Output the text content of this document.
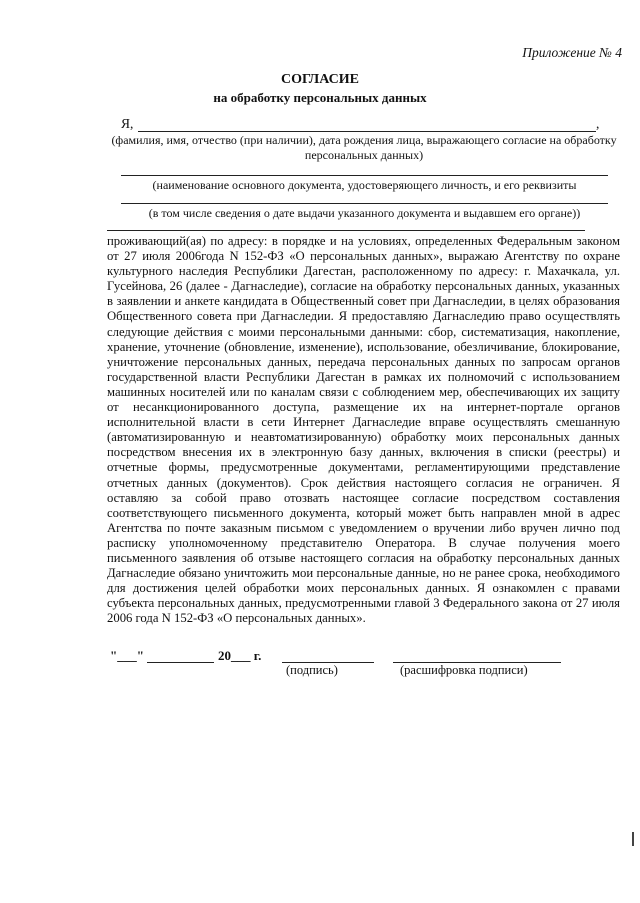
Приложение № 4
СОГЛАСИЕ
на обработку персональных данных
Я,	,
(фамилия, имя, отчество (при наличии), дата рождения лица, выражающего согласие на обработку персональных данных)
(наименование основного документа, удостоверяющего личность, и его реквизиты
(в том числе сведения о дате выдачи указанного документа и выдавшем его органе))
проживающий(ая) по адресу: в порядке и на условиях, определенных Федеральным законом от 27 июля 2006года N 152-ФЗ «О персональных данных», выражаю Агентству по охране культурного наследия Республики Дагестан, расположенному по адресу: г. Махачкала, ул. Гусейнова, 26 (далее - Дагнаследие), согласие на обработку персональных данных, указанных в заявлении и анкете кандидата в Общественный совет при Дагнаследии, в целях образования Общественного совета при Дагнаследии. Я предоставляю Дагнаследию право осуществлять следующие действия с моими персональными данными: сбор, систематизация, накопление, хранение, уточнение (обновление, изменение), использование, обезличивание, блокирование, уничтожение персональных данных, передача персональных данных по запросам органов государственной власти Республики Дагестан в рамках их полномочий с использованием машинных носителей или по каналам связи с соблюдением мер, обеспечивающих их защиту от несанкционированного доступа, размещение их на интернет-портале органов исполнительной власти в сети Интернет Дагнаследие вправе осуществлять смешанную (автоматизированную и неавтоматизированную) обработку моих персональных данных посредством внесения их в электронную базу данных, включения в списки (реестры) и отчетные формы, предусмотренные документами, регламентирующими представление отчетных данных (документов). Срок действия настоящего согласия не ограничен. Я оставляю за собой право отозвать настоящее согласие посредством составления соответствующего письменного документа, который может быть направлен мной в адрес Агентства по почте заказным письмом с уведомлением о вручении либо вручен лично под расписку уполномоченному представителю Оператора. В случае получения моего письменного заявления об отзыве настоящего согласия на обработку персональных данных Дагнаследие обязано уничтожить мои персональные данные, но не ранее срока, необходимого для достижения целей обработки моих персональных данных. Я ознакомлен с правами субъекта персональных данных, предусмотренными главой 3 Федерального закона от 27 июля 2006 года N 152-ФЗ «О персональных данных».
"___"	20___ г.
(подпись)	(расшифровка подписи)
